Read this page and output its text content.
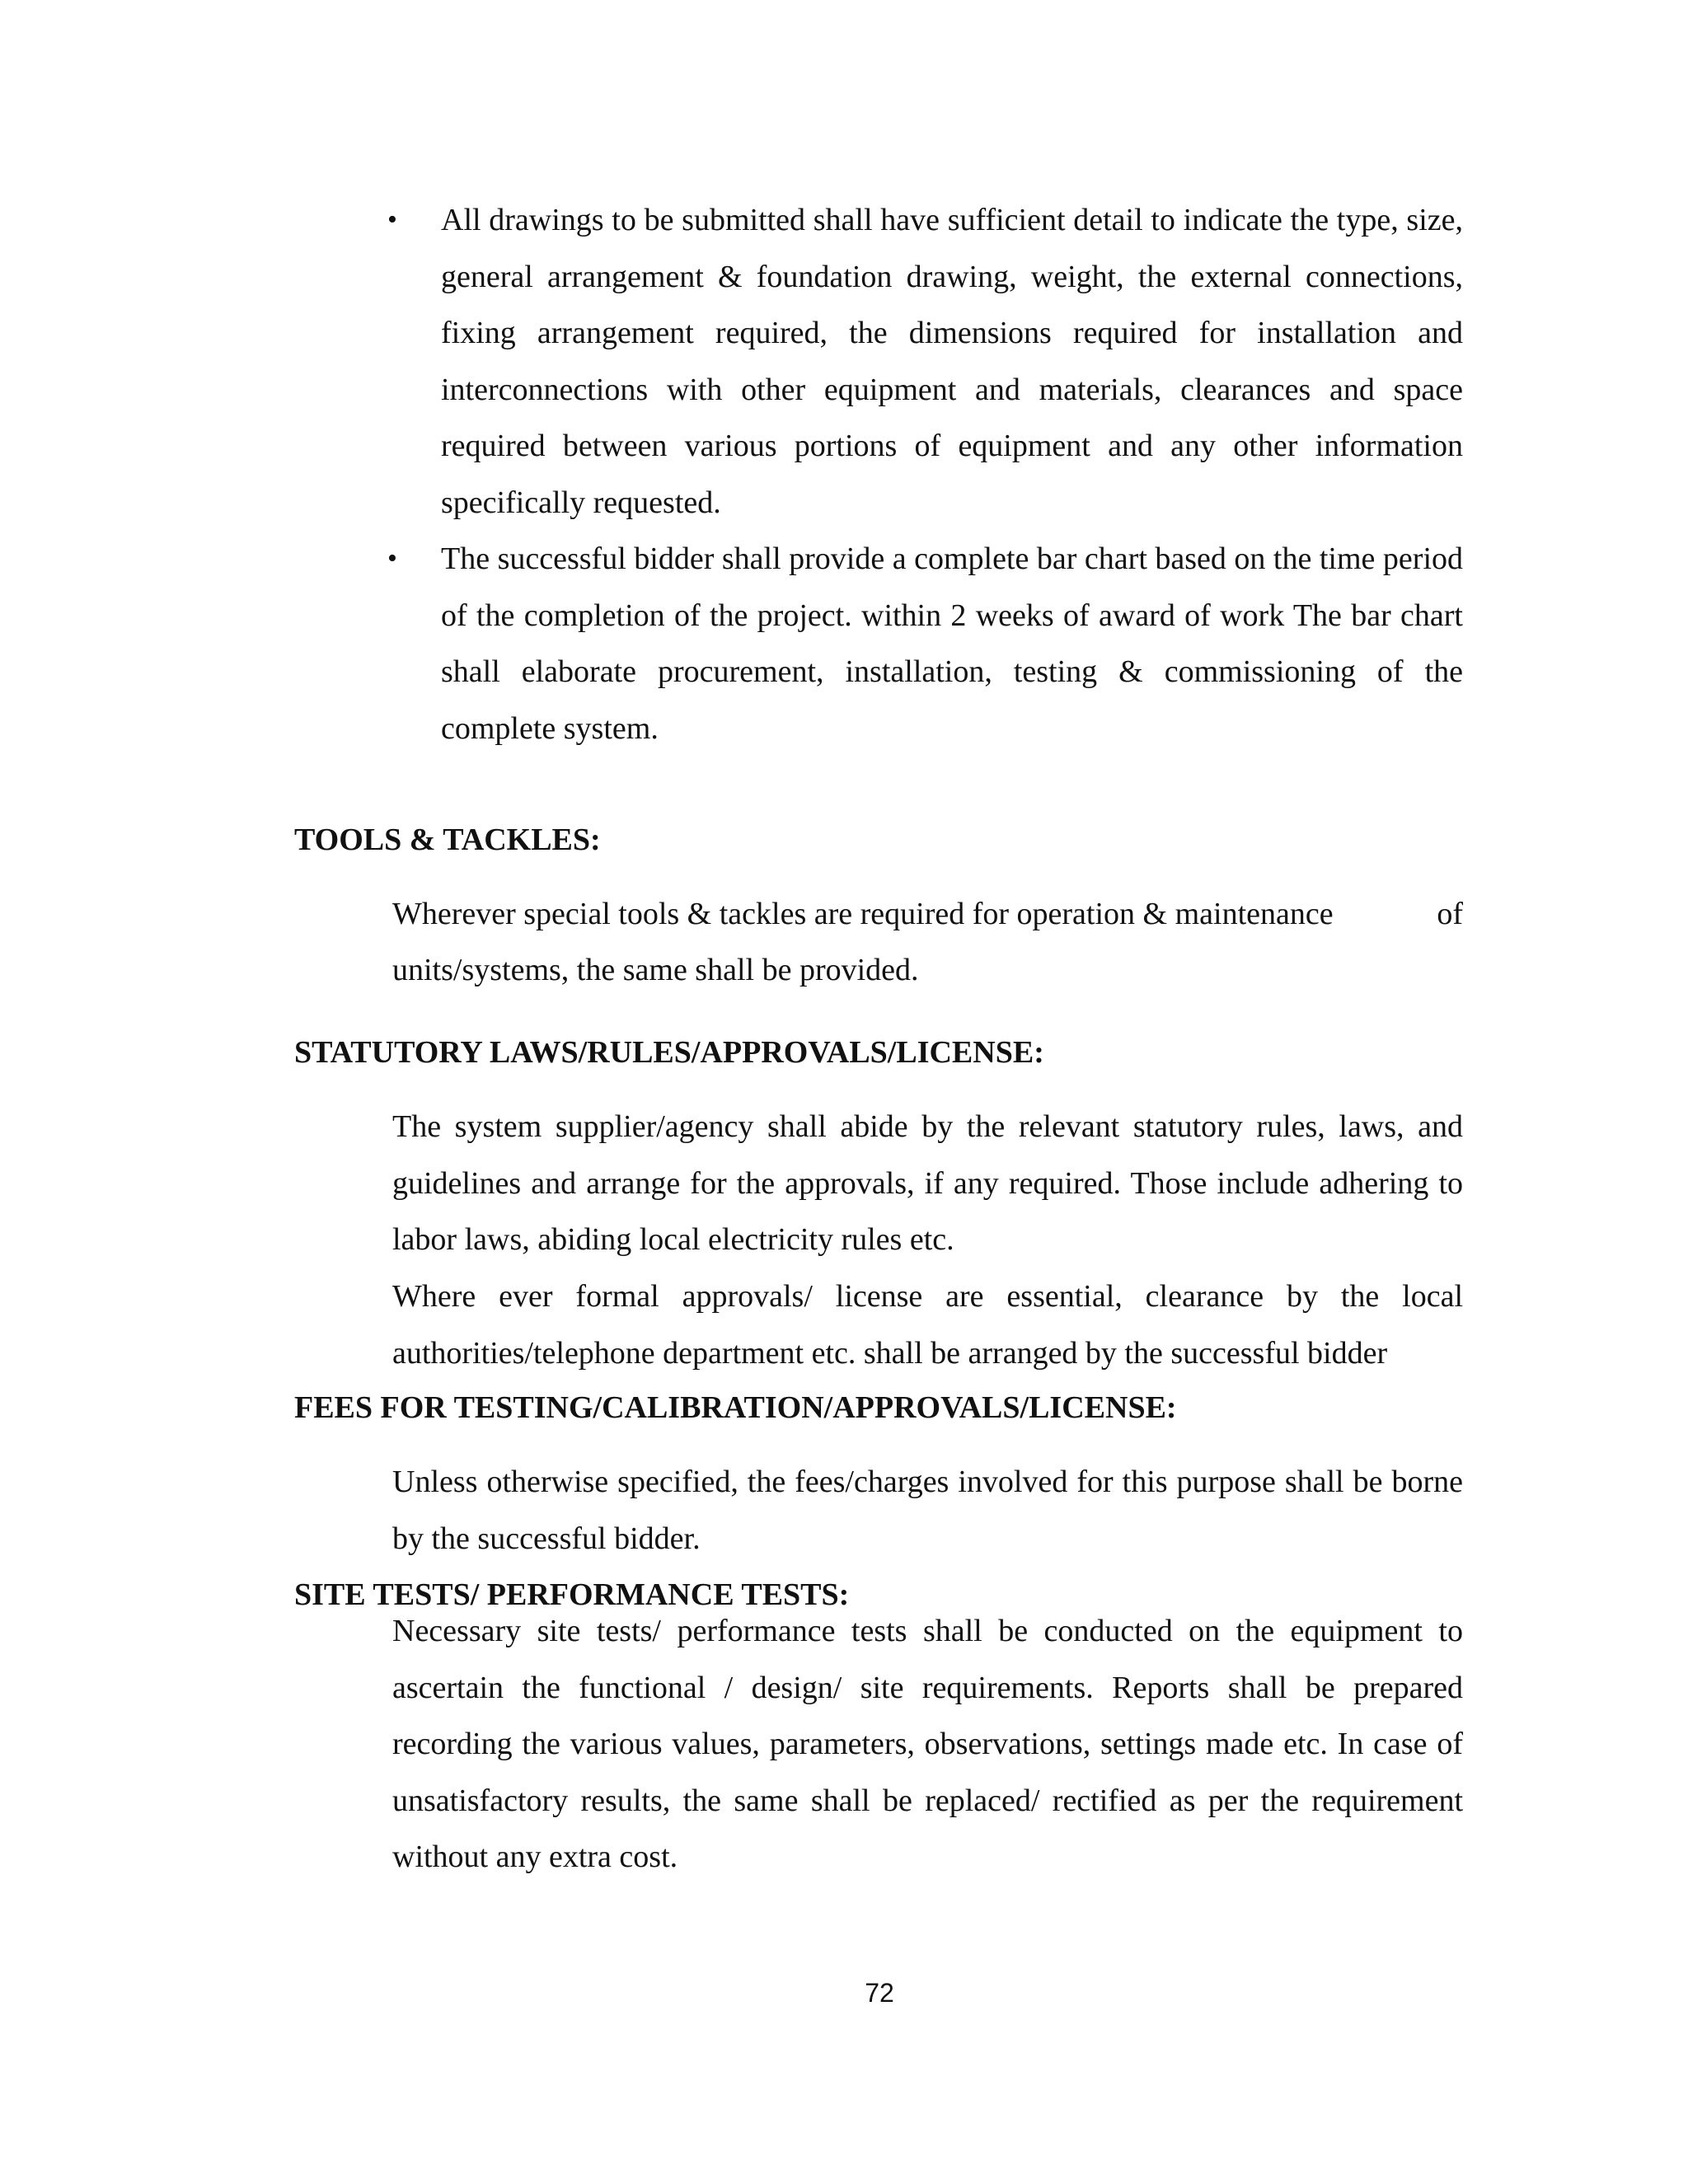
• All drawings to be submitted shall have sufficient detail to indicate the type, size, general arrangement & foundation drawing, weight, the external connections, fixing arrangement required, the dimensions required for installation and interconnections with other equipment and materials, clearances and space required between various portions of equipment and any other information specifically requested.
• The successful bidder shall provide a complete bar chart based on the time period of the completion of the project. within 2 weeks of award of work The bar chart shall elaborate procurement, installation, testing & commissioning of the complete system.
TOOLS & TACKLES:
Wherever special tools & tackles are required for operation & maintenance	of
units/systems, the same shall be provided.
STATUTORY LAWS/RULES/APPROVALS/LICENSE:

The system supplier/agency shall abide by the relevant statutory rules, laws, and guidelines and arrange for the approvals, if any required. Those include adhering to labor laws, abiding local electricity rules etc.

Where ever formal approvals/ license are essential, clearance by the local authorities/telephone department etc. shall be arranged by the successful bidder

FEES FOR TESTING/CALIBRATION/APPROVALS/LICENSE:

Unless otherwise specified, the fees/charges involved for this purpose shall be borne by the successful bidder.

SITE TESTS/ PERFORMANCE TESTS:

Necessary site tests/ performance tests shall be conducted on the equipment to ascertain the functional / design/ site requirements. Reports shall be prepared recording the various values, parameters, observations, settings made etc. In case of unsatisfactory results, the same shall be replaced/ rectified as per the requirement without any extra cost.

72
